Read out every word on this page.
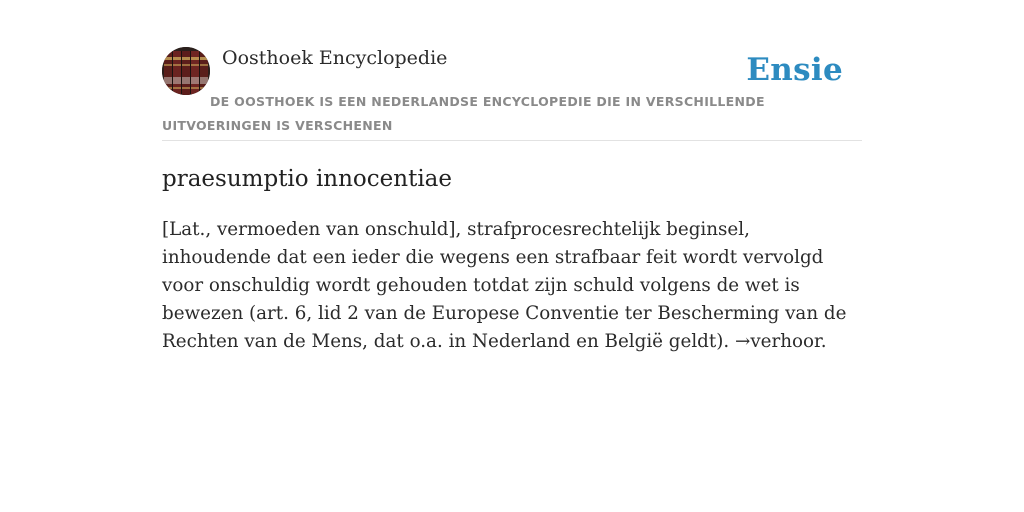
Oosthoek Encyclopedie	Ensie
DE OOSTHOEK IS EEN NEDERLANDSE ENCYCLOPEDIE DIE IN VERSCHILLENDE UITVOERINGEN IS VERSCHENEN
praesumptio innocentiae

[Lat., vermoeden van onschuld], strafprocesrechtelijk beginsel, inhoudende dat een ieder die wegens een strafbaar feit wordt vervolgd voor onschuldig wordt gehouden totdat zijn schuld volgens de wet is bewezen (art. 6, lid 2 van de Europese Conventie ter Bescherming van de Rechten van de Mens, dat o.a. in Nederland en België geldt). →verhoor.
